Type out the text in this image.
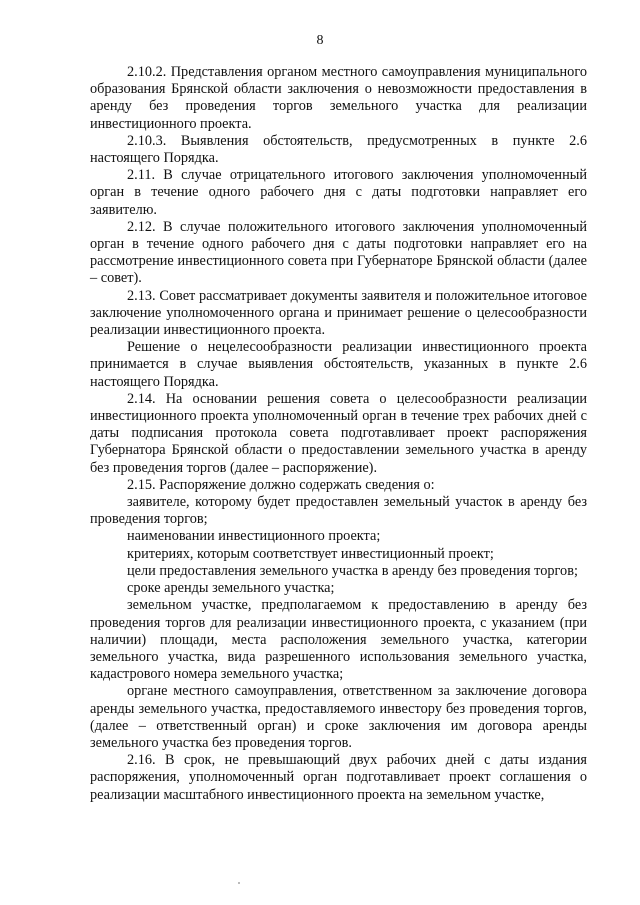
8

2.10.2. Представления органом местного самоуправления муниципального образования Брянской области заключения о невозможности предоставления в аренду без проведения торгов земельного участка для реализации инвестиционного проекта.

2.10.3. Выявления обстоятельств, предусмотренных в пункте 2.6 настоящего Порядка.

2.11. В случае отрицательного итогового заключения уполномоченный орган в течение одного рабочего дня с даты подготовки направляет его заявителю.

2.12. В случае положительного итогового заключения уполномоченный орган в течение одного рабочего дня с даты подготовки направляет его на рассмотрение инвестиционного совета при Губернаторе Брянской области (далее – совет).

2.13. Совет рассматривает документы заявителя и положительное итоговое заключение уполномоченного органа и принимает решение о целесообразности реализации инвестиционного проекта.

Решение о нецелесообразности реализации инвестиционного проекта принимается в случае выявления обстоятельств, указанных в пункте 2.6 настоящего Порядка.

2.14. На основании решения совета о целесообразности реализации инвестиционного проекта уполномоченный орган в течение трех рабочих дней с даты подписания протокола совета подготавливает проект распоряжения Губернатора Брянской области о предоставлении земельного участка в аренду без проведения торгов (далее – распоряжение).

2.15. Распоряжение должно содержать сведения о:

заявителе, которому будет предоставлен земельный участок в аренду без проведения торгов;

наименовании инвестиционного проекта;

критериях, которым соответствует инвестиционный проект;

цели предоставления земельного участка в аренду без проведения торгов;

сроке аренды земельного участка;

земельном участке, предполагаемом к предоставлению в аренду без проведения торгов для реализации инвестиционного проекта, с указанием (при наличии) площади, места расположения земельного участка, категории земельного участка, вида разрешенного использования земельного участка, кадастрового номера земельного участка;

органе местного самоуправления, ответственном за заключение договора аренды земельного участка, предоставляемого инвестору без проведения торгов, (далее – ответственный орган) и сроке заключения им договора аренды земельного участка без проведения торгов.

2.16. В срок, не превышающий двух рабочих дней с даты издания распоряжения, уполномоченный орган подготавливает проект соглашения о реализации масштабного инвестиционного проекта на земельном участке,
